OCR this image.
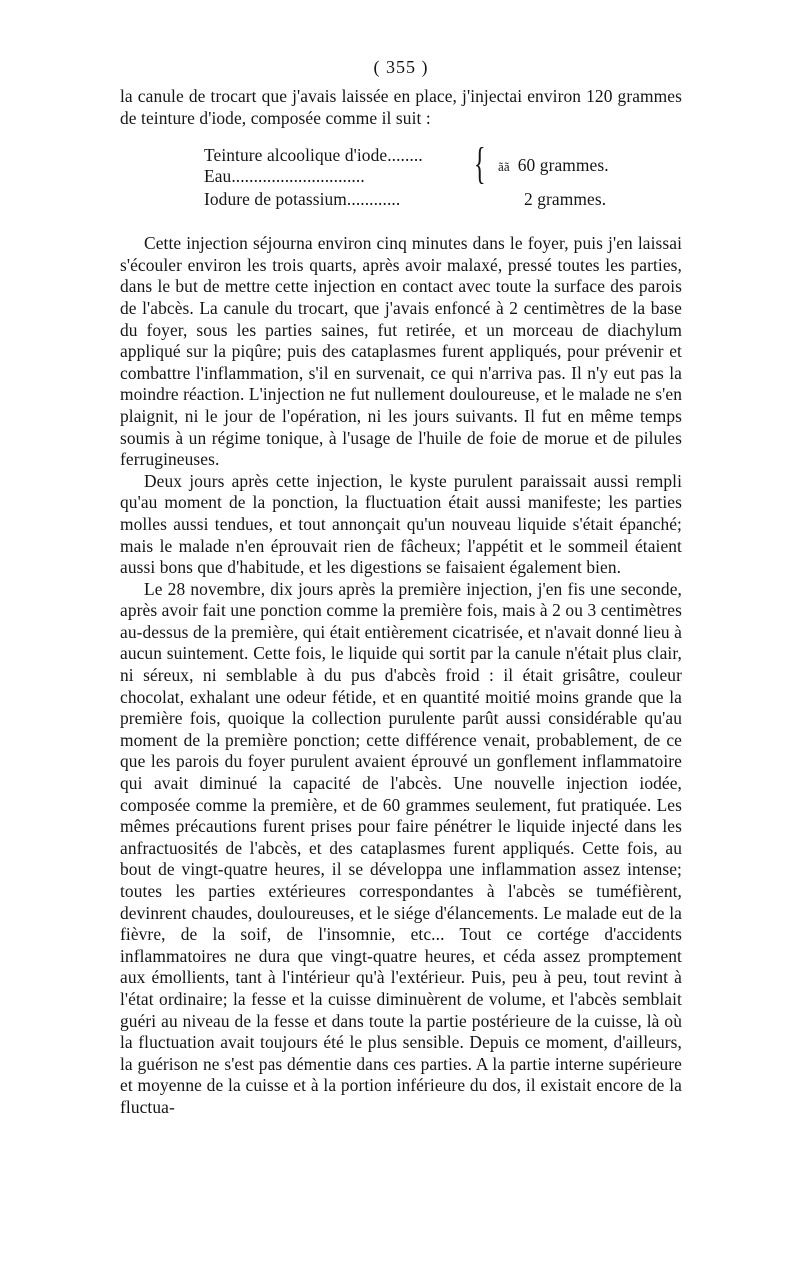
( 355 )

la canule de trocart que j'avais laissée en place, j'injectai environ 120 grammes de teinture d'iode, composée comme il suit :

Teinture alcoolique d'iode........
Eau..............................
Iodure de potassium............
{ ãã 60 grammes.
2 grammes.

Cette injection séjourna environ cinq minutes dans le foyer, puis j'en laissai s'écouler environ les trois quarts, après avoir malaxé, pressé toutes les parties, dans le but de mettre cette injection en contact avec toute la surface des parois de l'abcès. La canule du trocart, que j'avais enfoncé à 2 centimètres de la base du foyer, sous les parties saines, fut retirée, et un morceau de diachylum appliqué sur la piqûre; puis des cataplasmes furent appliqués, pour prévenir et combattre l'inflammation, s'il en survenait, ce qui n'arriva pas. Il n'y eut pas la moindre réaction. L'injection ne fut nullement douloureuse, et le malade ne s'en plaignit, ni le jour de l'opération, ni les jours suivants. Il fut en même temps soumis à un régime tonique, à l'usage de l'huile de foie de morue et de pilules ferrugineuses.

Deux jours après cette injection, le kyste purulent paraissait aussi rempli qu'au moment de la ponction, la fluctuation était aussi manifeste; les parties molles aussi tendues, et tout annonçait qu'un nouveau liquide s'était épanché; mais le malade n'en éprouvait rien de fâcheux; l'appétit et le sommeil étaient aussi bons que d'habitude, et les digestions se faisaient également bien.

Le 28 novembre, dix jours après la première injection, j'en fis une seconde, après avoir fait une ponction comme la première fois, mais à 2 ou 3 centimètres au-dessus de la première, qui était entièrement cicatrisée, et n'avait donné lieu à aucun suintement. Cette fois, le liquide qui sortit par la canule n'était plus clair, ni séreux, ni semblable à du pus d'abcès froid : il était grisâtre, couleur chocolat, exhalant une odeur fétide, et en quantité moitié moins grande que la première fois, quoique la collection purulente parût aussi considérable qu'au moment de la première ponction; cette différence venait, probablement, de ce que les parois du foyer purulent avaient éprouvé un gonflement inflammatoire qui avait diminué la capacité de l'abcès. Une nouvelle injection iodée, composée comme la première, et de 60 grammes seulement, fut pratiquée. Les mêmes précautions furent prises pour faire pénétrer le liquide injecté dans les anfractuosités de l'abcès, et des cataplasmes furent appliqués. Cette fois, au bout de vingt-quatre heures, il se développa une inflammation assez intense; toutes les parties extérieures correspondantes à l'abcès se tuméfièrent, devinrent chaudes, douloureuses, et le siége d'élancements. Le malade eut de la fièvre, de la soif, de l'insomnie, etc... Tout ce cortége d'accidents inflammatoires ne dura que vingt-quatre heures, et céda assez promptement aux émollients, tant à l'intérieur qu'à l'extérieur. Puis, peu à peu, tout revint à l'état ordinaire; la fesse et la cuisse diminuèrent de volume, et l'abcès semblait guéri au niveau de la fesse et dans toute la partie postérieure de la cuisse, là où la fluctuation avait toujours été le plus sensible. Depuis ce moment, d'ailleurs, la guérison ne s'est pas démentie dans ces parties. A la partie interne supérieure et moyenne de la cuisse et à la portion inférieure du dos, il existait encore de la fluctua-
